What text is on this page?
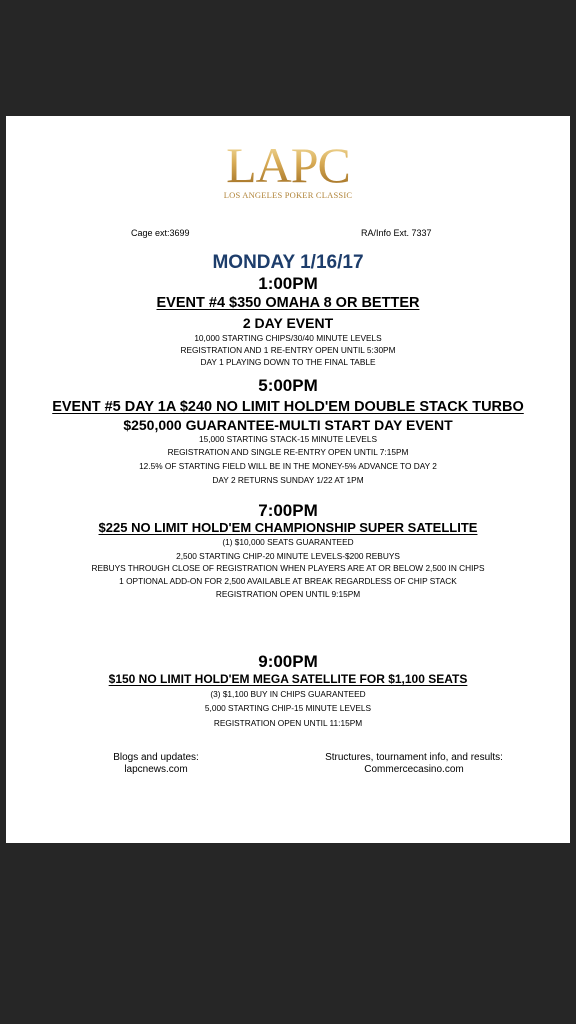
LAPC
LOS ANGELES POKER CLASSIC
Cage ext:3699	RA/Info Ext. 7337
MONDAY 1/16/17
1:00PM
EVENT #4 $350 OMAHA 8 OR BETTER
2 DAY EVENT
10,000 STARTING CHIPS/30/40 MINUTE LEVELS
REGISTRATION AND 1 RE-ENTRY OPEN UNTIL 5:30PM
DAY 1 PLAYING DOWN TO THE FINAL TABLE
5:00PM
EVENT #5 DAY 1A $240 NO LIMIT HOLD'EM DOUBLE STACK TURBO
$250,000 GUARANTEE-MULTI START DAY EVENT
15,000 STARTING STACK-15 MINUTE LEVELS
REGISTRATION AND SINGLE RE-ENTRY OPEN UNTIL 7:15PM
12.5% OF STARTING FIELD WILL BE IN THE MONEY-5% ADVANCE TO DAY 2
DAY 2 RETURNS SUNDAY 1/22 AT 1PM
7:00PM
$225 NO LIMIT HOLD'EM CHAMPIONSHIP SUPER SATELLITE
(1) $10,000 SEATS GUARANTEED
2,500 STARTING CHIP-20 MINUTE LEVELS-$200 REBUYS
REBUYS THROUGH CLOSE OF REGISTRATION WHEN PLAYERS ARE AT OR BELOW 2,500 IN CHIPS
1 OPTIONAL ADD-ON FOR 2,500 AVAILABLE AT BREAK REGARDLESS OF CHIP STACK
REGISTRATION OPEN UNTIL 9:15PM
9:00PM
$150 NO LIMIT HOLD'EM MEGA SATELLITE FOR $1,100 SEATS
(3) $1,100 BUY IN CHIPS GUARANTEED
5,000 STARTING CHIP-15 MINUTE LEVELS
REGISTRATION OPEN UNTIL 11:15PM
Blogs and updates:
lapcnews.com
Structures, tournament info, and results:
Commercecasino.com
